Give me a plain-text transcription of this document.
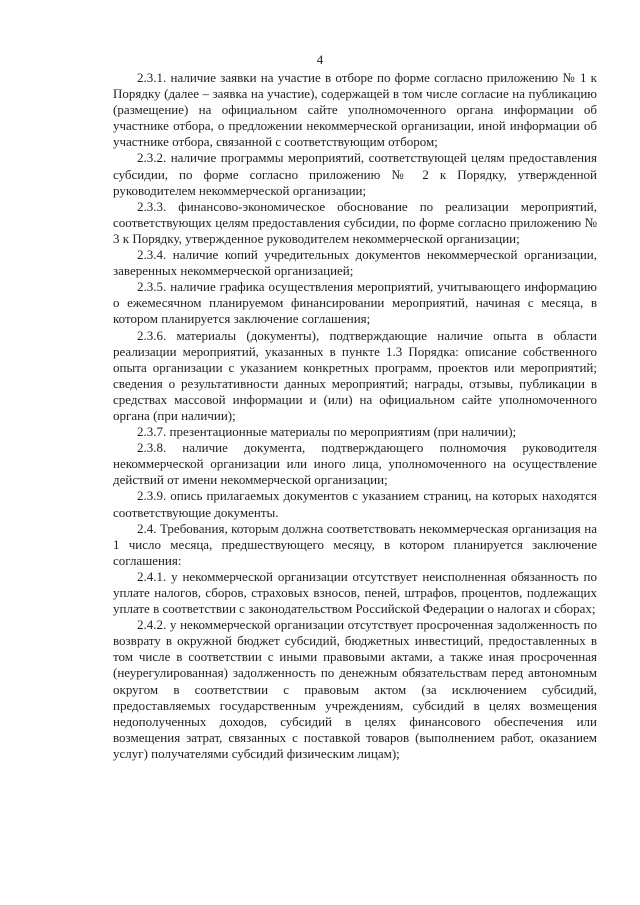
4

2.3.1. наличие заявки на участие в отборе по форме согласно приложению № 1 к Порядку (далее – заявка на участие), содержащей в том числе согласие на публикацию (размещение) на официальном сайте уполномоченного органа информации об участнике отбора, о предложении некоммерческой организации, иной информации об участнике отбора, связанной с соответствующим отбором;

2.3.2. наличие программы мероприятий, соответствующей целям предоставления субсидии, по форме согласно приложению № 2 к Порядку, утвержденной руководителем некоммерческой организации;

2.3.3. финансово-экономическое обоснование по реализации мероприятий, соответствующих целям предоставления субсидии, по форме согласно приложению № 3 к Порядку, утвержденное руководителем некоммерческой организации;

2.3.4. наличие копий учредительных документов некоммерческой организации, заверенных некоммерческой организацией;

2.3.5. наличие графика осуществления мероприятий, учитывающего информацию о ежемесячном планируемом финансировании мероприятий, начиная с месяца, в котором планируется заключение соглашения;

2.3.6. материалы (документы), подтверждающие наличие опыта в области реализации мероприятий, указанных в пункте 1.3 Порядка: описание собственного опыта организации с указанием конкретных программ, проектов или мероприятий; сведения о результативности данных мероприятий; награды, отзывы, публикации в средствах массовой информации и (или) на официальном сайте уполномоченного органа (при наличии);

2.3.7. презентационные материалы по мероприятиям (при наличии);

2.3.8. наличие документа, подтверждающего полномочия руководителя некоммерческой организации или иного лица, уполномоченного на осуществление действий от имени некоммерческой организации;

2.3.9. опись прилагаемых документов с указанием страниц, на которых находятся соответствующие документы.

2.4. Требования, которым должна соответствовать некоммерческая организация на 1 число месяца, предшествующего месяцу, в котором планируется заключение соглашения:

2.4.1. у некоммерческой организации отсутствует неисполненная обязанность по уплате налогов, сборов, страховых взносов, пеней, штрафов, процентов, подлежащих уплате в соответствии с законодательством Российской Федерации о налогах и сборах;

2.4.2. у некоммерческой организации отсутствует просроченная задолженность по возврату в окружной бюджет субсидий, бюджетных инвестиций, предоставленных в том числе в соответствии с иными правовыми актами, а также иная просроченная (неурегулированная) задолженность по денежным обязательствам перед автономным округом в соответствии с правовым актом (за исключением субсидий, предоставляемых государственным учреждениям, субсидий в целях возмещения недополученных доходов, субсидий в целях финансового обеспечения или возмещения затрат, связанных с поставкой товаров (выполнением работ, оказанием услуг) получателями субсидий физическим лицам);
